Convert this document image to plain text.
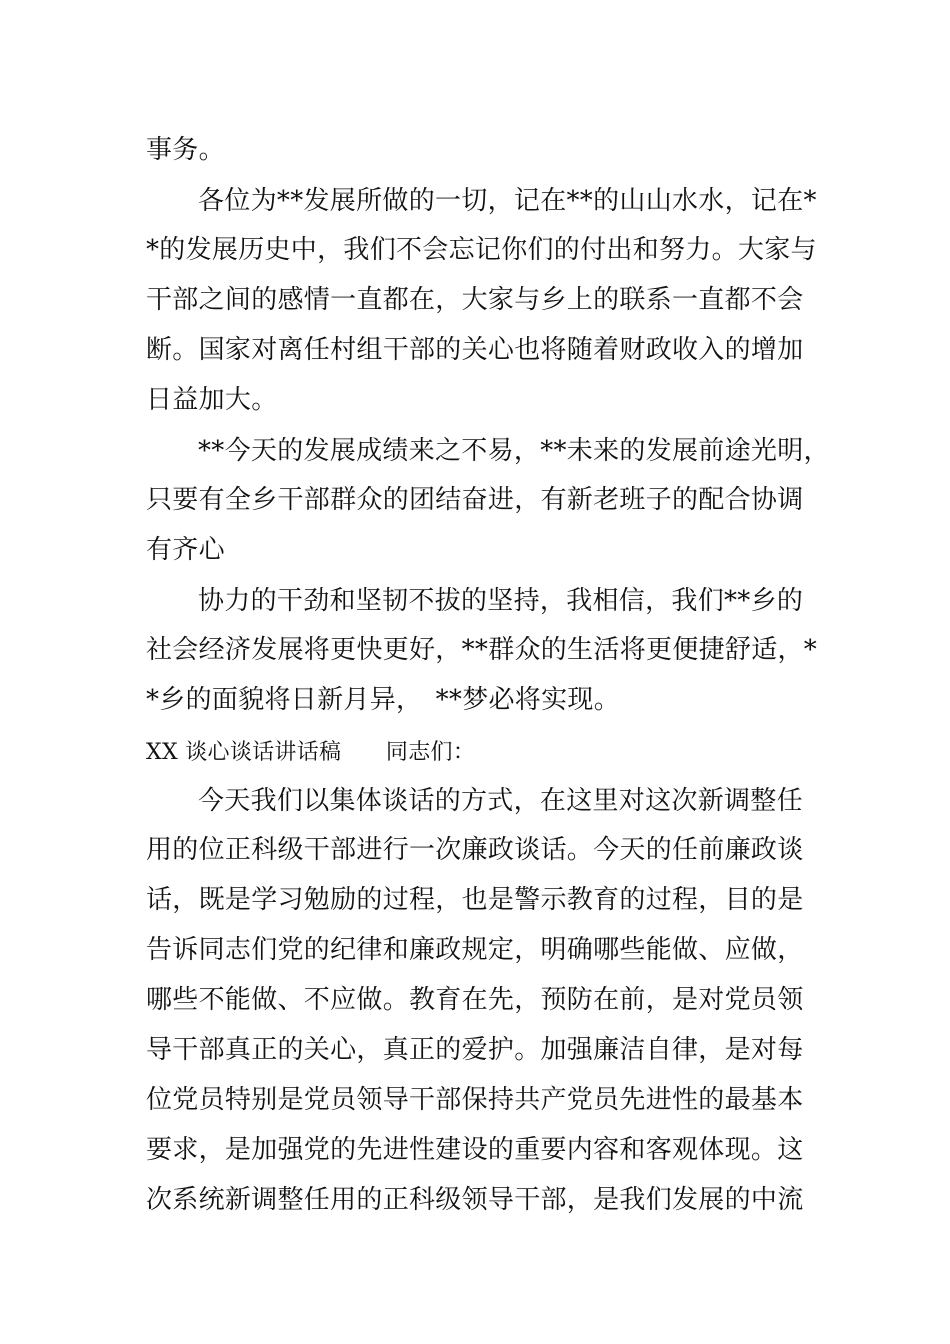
事务。
各位为**发展所做的一切，记在**的山山水水，记在*
*的发展历史中，我们不会忘记你们的付出和努力。大家与
干部之间的感情一直都在，大家与乡上的联系一直都不会
断。国家对离任村组干部的关心也将随着财政收入的增加
日益加大。
**今天的发展成绩来之不易，**未来的发展前途光明，
只要有全乡干部群众的团结奋进，有新老班子的配合协调
有齐心
协力的干劲和坚韧不拔的坚持，我相信，我们**乡的
社会经济发展将更快更好，**群众的生活将更便捷舒适，*
*乡的面貌将日新月异，　**梦必将实现。
XX 谈心谈话讲话稿　　同志们：
今天我们以集体谈话的方式，在这里对这次新调整任
用的位正科级干部进行一次廉政谈话。今天的任前廉政谈
话，既是学习勉励的过程，也是警示教育的过程，目的是
告诉同志们党的纪律和廉政规定，明确哪些能做、应做，
哪些不能做、不应做。教育在先，预防在前，是对党员领
导干部真正的关心，真正的爱护。加强廉洁自律，是对每
位党员特别是党员领导干部保持共产党员先进性的最基本
要求，是加强党的先进性建设的重要内容和客观体现。这
次系统新调整任用的正科级领导干部，是我们发展的中流
